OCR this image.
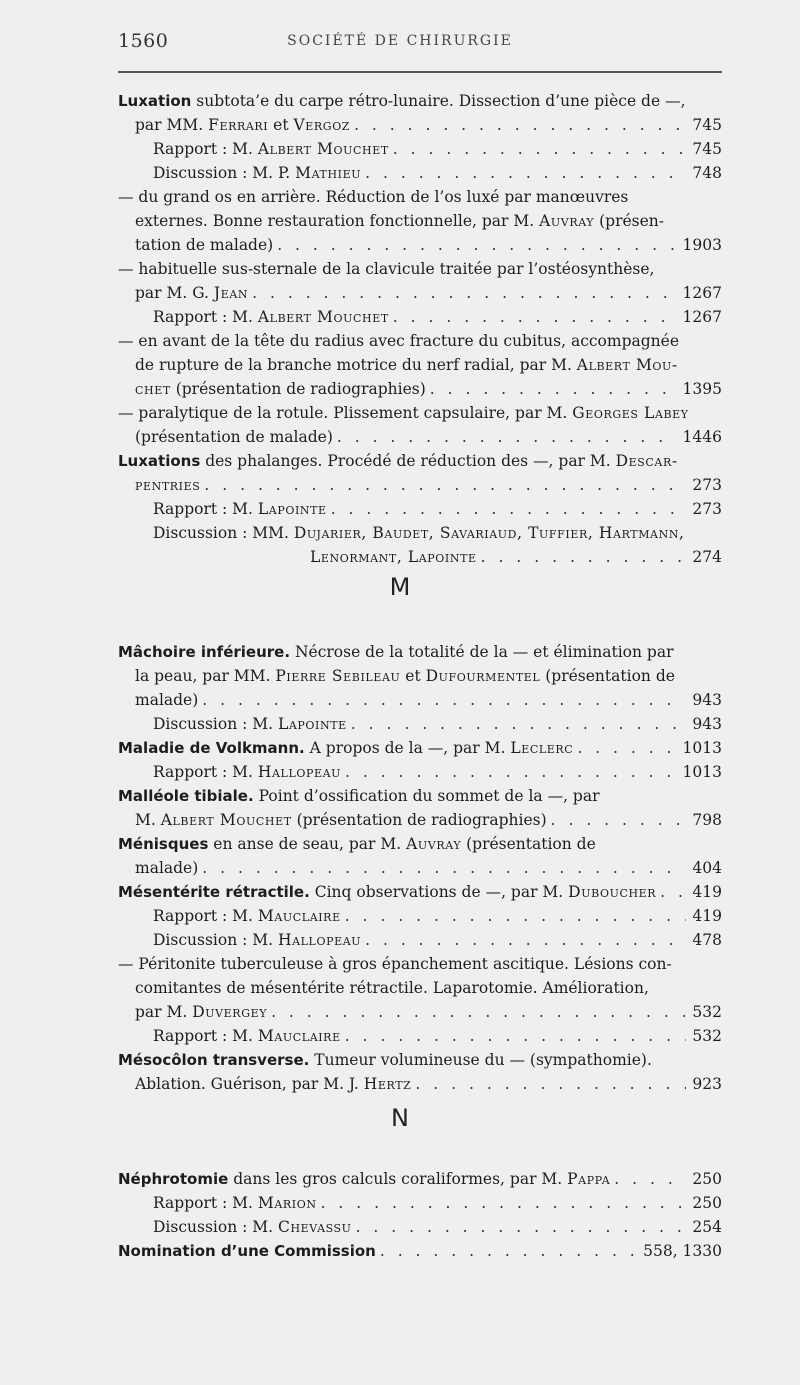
1560	SOCIÉTÉ DE CHIRURGIE
Luxation subtota’e du carpe rétro-lunaire. Dissection d’une pièce de —,
par MM. Ferrari et Vergoz . . .	745
Rapport : M. Albert Mouchet . . .	745
Discussion : M. P. Mathieu . . .	748
— du grand os en arrière. Réduction de l’os luxé par manœuvres
externes. Bonne restauration fonctionnelle, par M. Auvray (présen-
tation de malade) . . .	1903
— habituelle sus-sternale de la clavicule traitée par l’ostéosynthèse,
par M. G. Jean . . .	1267
Rapport : M. Albert Mouchet . . .	1267
— en avant de la tête du radius avec fracture du cubitus, accompagnée
de rupture de la branche motrice du nerf radial, par M. Albert Mou-
chet (présentation de radiographies) . . .	1395
— paralytique de la rotule. Plissement capsulaire, par M. Georges Labey
(présentation de malade) . . .	1446
Luxations des phalanges. Procédé de réduction des —, par M. Descar-
pentries . . .	273
Rapport : M. Lapointe . . .	273
Discussion : MM. Dujarier, Baudet, Savariaud, Tuffier, Hartmann,
Lenormant, Lapointe . . .	274
M
Mâchoire inférieure. Nécrose de la totalité de la — et élimination par
la peau, par MM. Pierre Sebileau et Dufourmentel (présentation de
malade) . . .	943
Discussion : M. Lapointe . . .	943
Maladie de Volkmann. A propos de la —, par M. Leclerc . . .	1013
Rapport : M. Hallopeau . . .	1013
Malléole tibiale. Point d’ossification du sommet de la —, par
M. Albert Mouchet (présentation de radiographies) . . .	798
Ménisques en anse de seau, par M. Auvray (présentation de
malade) . . .	404
Mésentérite rétractile. Cinq observations de —, par M. Duboucher . . .	419
Rapport : M. Mauclaire . . .	419
Discussion : M. Hallopeau . . .	478
— Péritonite tuberculeuse à gros épanchement ascitique. Lésions con-
comitantes de mésentérite rétractile. Laparotomie. Amélioration,
par M. Duvergey . . .	532
Rapport : M. Mauclaire . . .	532
Mésocôlon transverse. Tumeur volumineuse du — (sympathomie).
Ablation. Guérison, par M. J. Hertz . . .	923
N
Néphrotomie dans les gros calculs coraliformes, par M. Pappa . . .	250
Rapport : M. Marion . . .	250
Discussion : M. Chevassu . . .	254
Nomination d’une Commission . . .	558, 1330
